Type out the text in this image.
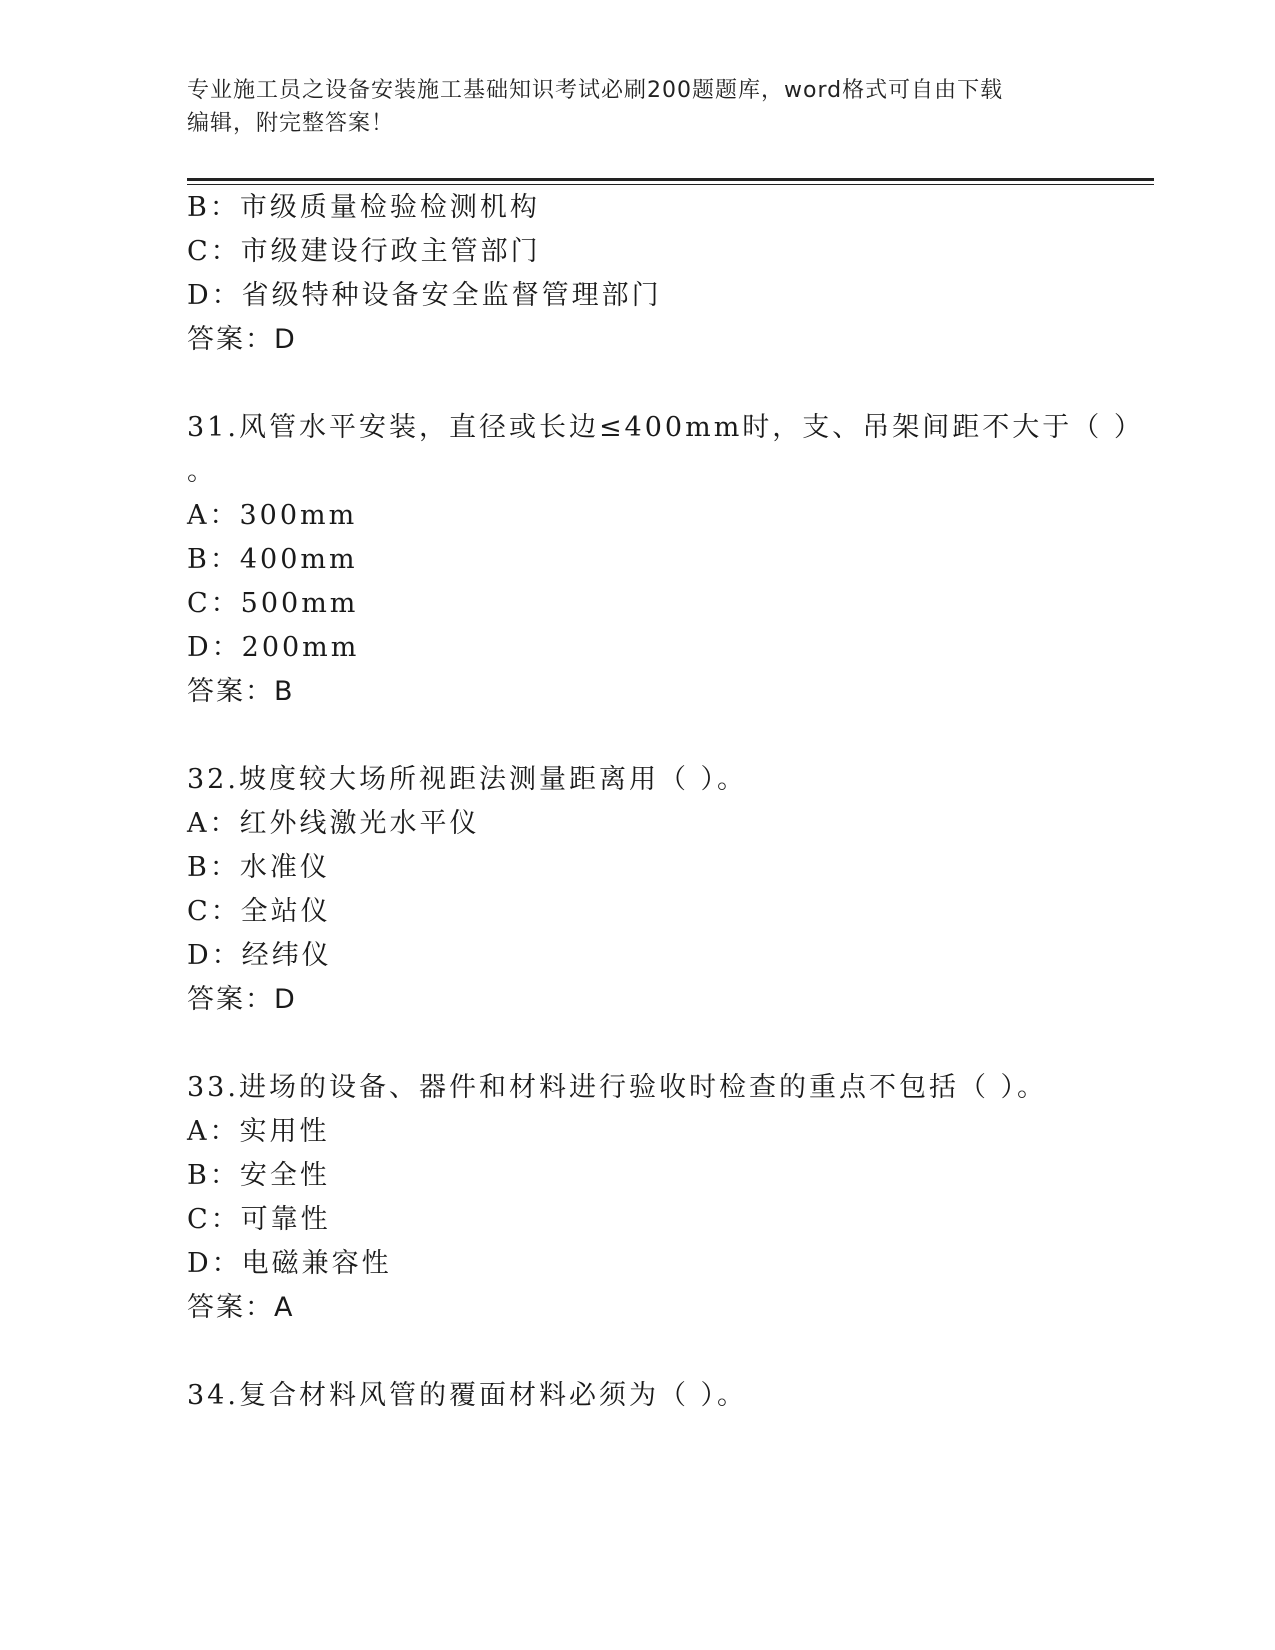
专业施工员之设备安装施工基础知识考试必刷200题题库，word格式可自由下载
编辑，附完整答案！
B：市级质量检验检测机构
C：市级建设行政主管部门
D：省级特种设备安全监督管理部门
答案：D
31.风管水平安装，直径或长边≤400mm时，支、吊架间距不大于（ ）
。
A：300mm
B：400mm
C：500mm
D：200mm
答案：B
32.坡度较大场所视距法测量距离用（ ）。
A：红外线激光水平仪
B：水准仪
C：全站仪
D：经纬仪
答案：D
33.进场的设备、器件和材料进行验收时检查的重点不包括（ ）。
A：实用性
B：安全性
C：可靠性
D：电磁兼容性
答案：A
34.复合材料风管的覆面材料必须为（ ）。
